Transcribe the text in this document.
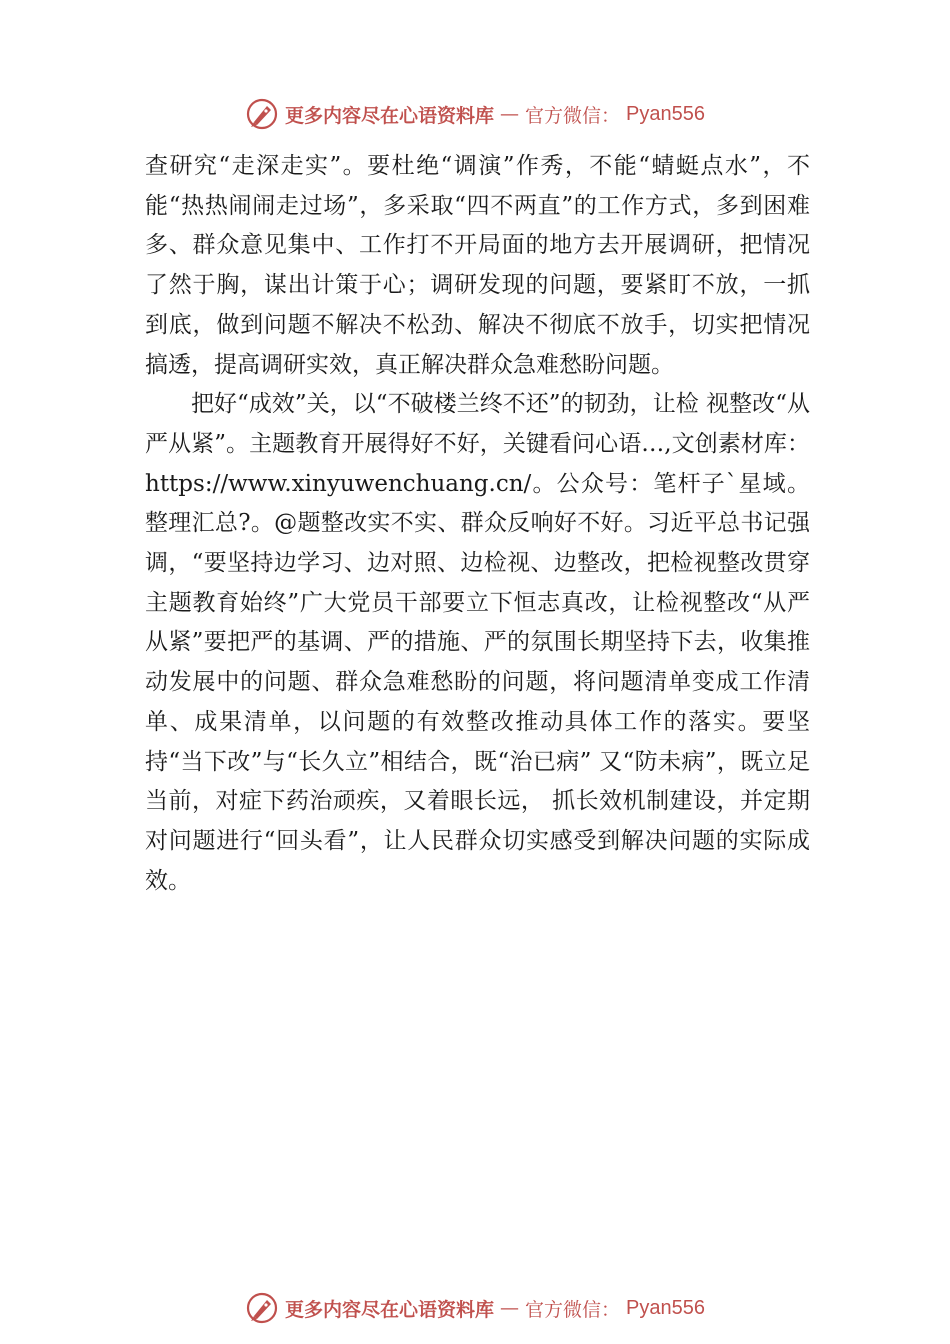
更多内容尽在心语资料库 — 官方微信： Pyan556

查研究“走深走实”。要杜绝“调演”作秀，不能“蜻蜓点水”，不能“热热闹闹走过场”，多采取“四不两直”的工作方式，多到困难多、群众意见集中、工作打不开局面的地方去开展调研，把情况了然于胸，谋出计策于心；调研发现的问题，要紧盯不放，一抓到底，做到问题不解决不松劲、解决不彻底不放手，切实把情况搞透，提高调研实效，真正解决群众急难愁盼问题。

把好“成效”关，以“不破楼兰终不还”的韧劲，让检 视整改“从严从紧”。主题教育开展得好不好，关键看问心语…,文创素材库：https://www.xinyuwenchuang.cn/。公众号：笔杆子`星域。整理汇总?。@题整改实不实、群众反响好不好。习近平总书记强调，“要坚持边学习、边对照、边检视、边整改，把检视整改贯穿主题教育始终”广大党员干部要立下恒志真改，让检视整改“从严从紧”要把严的基调、严的措施、严的氛围长期坚持下去，收集推动发展中的问题、群众急难愁盼的问题，将问题清单变成工作清单、成果清单，以问题的有效整改推动具体工作的落实。要坚持“当下改”与“长久立”相结合，既“治已病” 又“防未病”，既立足当前，对症下药治顽疾，又着眼长远， 抓长效机制建设，并定期对问题进行“回头看”，让人民群众切实感受到解决问题的实际成效。

更多内容尽在心语资料库 — 官方微信： Pyan556
